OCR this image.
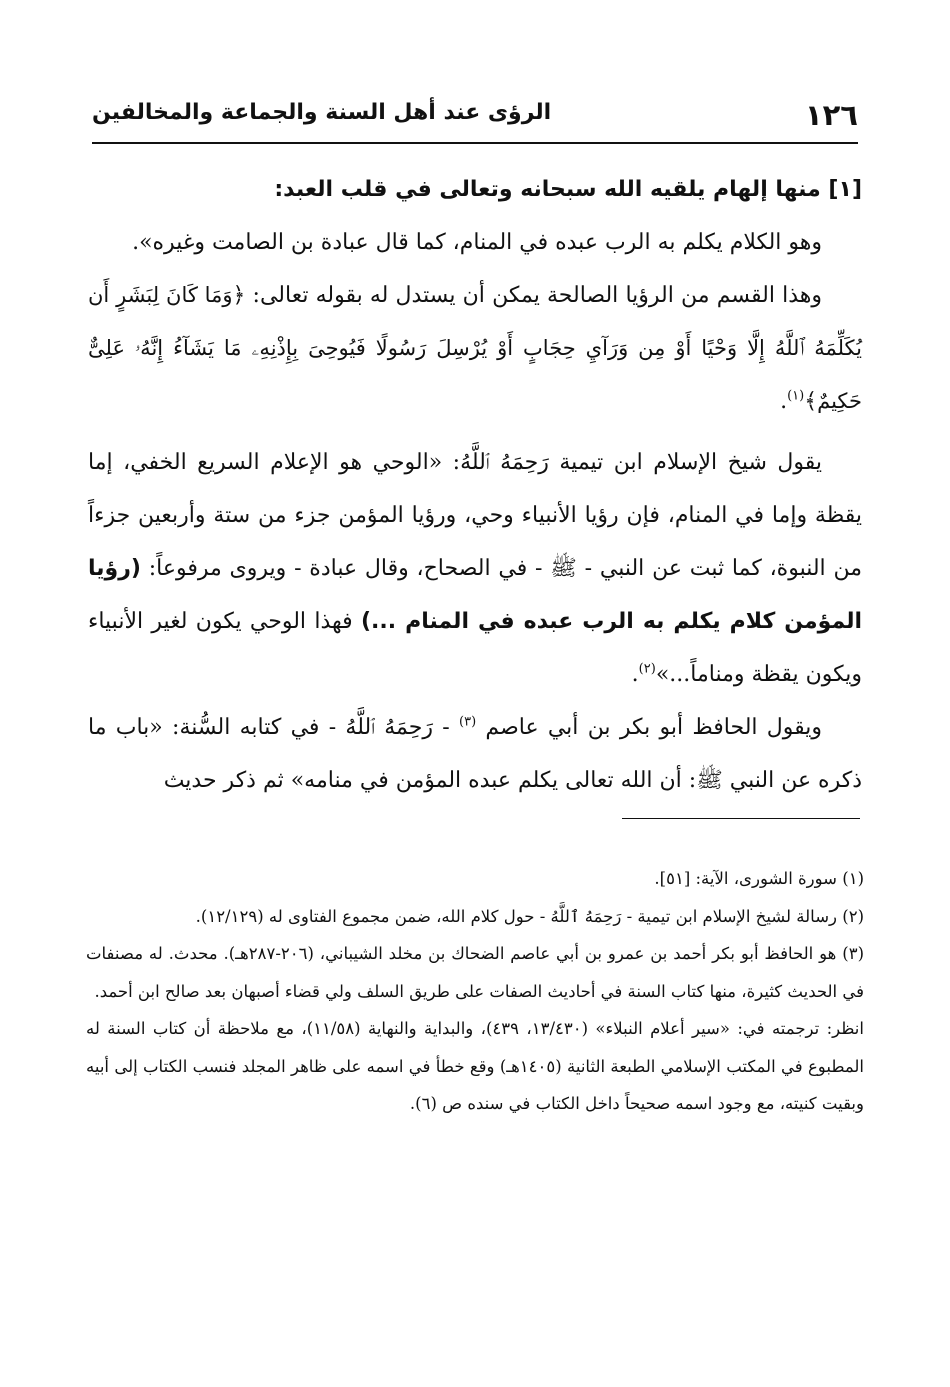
١٢٦
الرؤى عند أهل السنة والجماعة والمخالفين

[١] منها إلهام يلقيه الله سبحانه وتعالى في قلب العبد:

وهو الكلام يكلم به الرب عبده في المنام، كما قال عبادة بن الصامت وغيره».

وهذا القسم من الرؤيا الصالحة يمكن أن يستدل له بقوله تعالى: ﴿وَمَا كَانَ لِبَشَرٍ أَن يُكَلِّمَهُ ٱللَّهُ إِلَّا وَحْيًا أَوْ مِن وَرَآيِ حِجَابٍ أَوْ يُرْسِلَ رَسُولًا فَيُوحِىَ بِإِذْنِهِۦ مَا يَشَآءُ إِنَّهُۥ عَلِىٌّ حَكِيمٌ﴾$^{(١)}$.

يقول شيخ الإسلام ابن تيمية رَحِمَهُ ٱللَّهُ: «الوحي هو الإعلام السريع الخفي، إما يقظة وإما في المنام، فإن رؤيا الأنبياء وحي، ورؤيا المؤمن جزء من ستة وأربعين جزءاً من النبوة، كما ثبت عن النبي - ﷺ - في الصحاح، وقال عبادة - ويروى مرفوعاً: (رؤيا المؤمن كلام يكلم به الرب عبده في المنام ...) فهذا الوحي يكون لغير الأنبياء ويكون يقظة ومناماً...»$^{(٢)}$.

ويقول الحافظ أبو بكر بن أبي عاصم $^{(٣)}$ - رَحِمَهُ ٱللَّهُ - في كتابه السُّنة: «باب ما ذكره عن النبي ﷺ: أن الله تعالى يكلم عبده المؤمن في منامه» ثم ذكر حديث

(١) سورة الشورى، الآية: [٥١].

(٢) رسالة لشيخ الإسلام ابن تيمية - رَحِمَهُ ٱللَّهُ - حول كلام الله، ضمن مجموع الفتاوى له (١٢/١٢٩).

(٣) هو الحافظ أبو بكر أحمد بن عمرو بن أبي عاصم الضحاك بن مخلد الشيباني، (٢٠٦-٢٨٧هـ). محدث. له مصنفات في الحديث كثيرة، منها كتاب السنة في أحاديث الصفات على طريق السلف ولي قضاء أصبهان بعد صالح ابن أحمد.

انظر: ترجمته في: «سير أعلام النبلاء» (١٣/٤٣٠، ٤٣٩)، والبداية والنهاية (١١/٥٨)، مع ملاحظة أن كتاب السنة له المطبوع في المكتب الإسلامي الطبعة الثانية (١٤٠٥هـ) وقع خطأ في اسمه على ظاهر المجلد فنسب الكتاب إلى أبيه وبقيت كنيته، مع وجود اسمه صحيحاً داخل الكتاب في سنده ص (٦).
